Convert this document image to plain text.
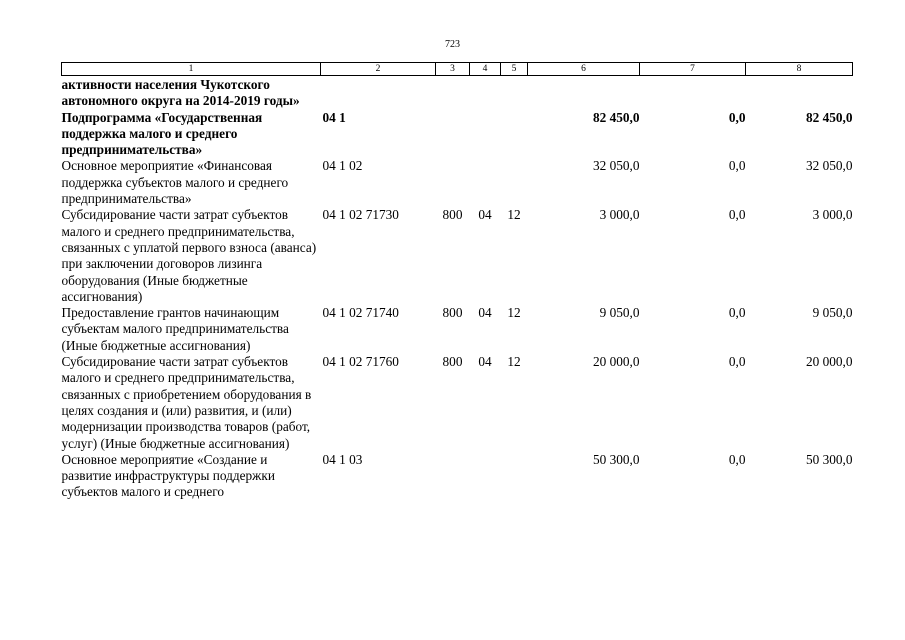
723
1	2	3	4	5	6	7	8
активности населения Чукотского автономного округа на 2014-2019 годы»							
Подпрограмма «Государственная поддержка малого и среднего предпринимательства»	04 1				82 450,0	0,0	82 450,0
Основное мероприятие «Финансовая поддержка субъектов малого и среднего предпринимательства»	04 1 02				32 050,0	0,0	32 050,0
Субсидирование части затрат субъектов малого и среднего предпринимательства, связанных с уплатой первого взноса (аванса) при заключении договоров лизинга оборудования (Иные бюджетные ассигнования)	04 1 02 71730	800	04	12	3 000,0	0,0	3 000,0
Предоставление грантов начинающим субъектам малого предпринимательства (Иные бюджетные ассигнования)	04 1 02 71740	800	04	12	9 050,0	0,0	9 050,0
Субсидирование части затрат субъектов малого и среднего предпринимательства, связанных с приобретением оборудования в целях создания и (или) развития, и (или) модернизации производства товаров (работ, услуг) (Иные бюджетные ассигнования)	04 1 02 71760	800	04	12	20 000,0	0,0	20 000,0
Основное мероприятие «Создание и развитие инфраструктуры поддержки субъектов малого и среднего	04 1 03				50 300,0	0,0	50 300,0
